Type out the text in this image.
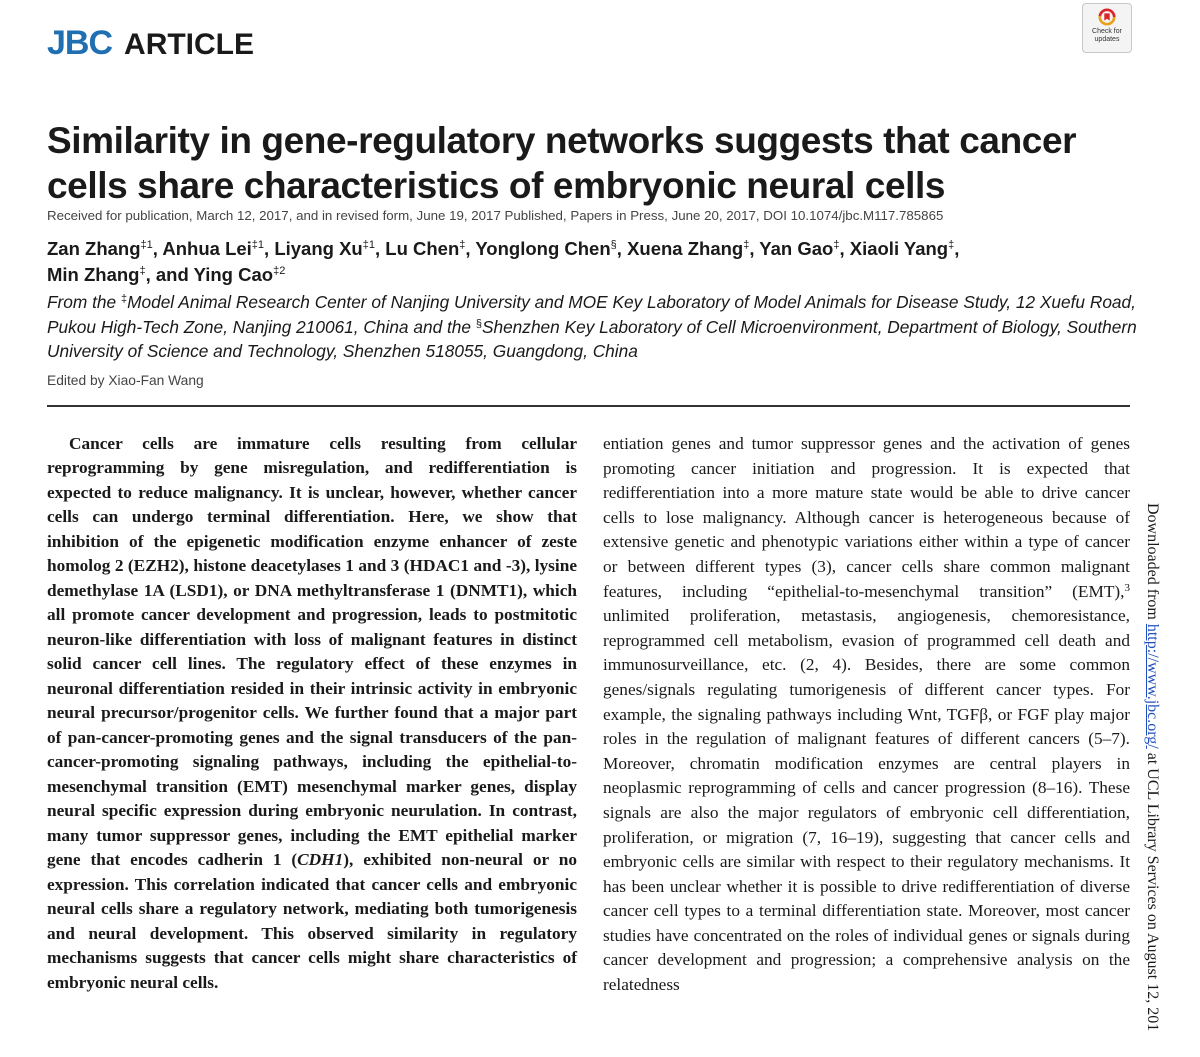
JBC ARTICLE	Check for
updates
Similarity in gene-regulatory networks suggests that cancer cells share characteristics of embryonic neural cells
Received for publication, March 12, 2017, and in revised form, June 19, 2017 Published, Papers in Press, June 20, 2017, DOI 10.1074/jbc.M117.785865
Zan Zhang$^{\ddagger 1}$, Anhua Lei$^{\ddagger 1}$, Liyang Xu$^{\ddagger 1}$, Lu Chen‡, Yonglong Chen§, Xuena Zhang‡, Yan Gao‡, Xiaoli Yang‡,
Min Zhang‡, and Ying Cao$^{\ddagger 2}$
From the ‡Model Animal Research Center of Nanjing University and MOE Key Laboratory of Model Animals for Disease Study, 12 Xuefu Road, Pukou High-Tech Zone, Nanjing 210061, China and the §Shenzhen Key Laboratory of Cell Microenvironment, Department of Biology, Southern University of Science and Technology, Shenzhen 518055, Guangdong, China
Edited by Xiao-Fan Wang

Cancer cells are immature cells resulting from cellular reprogramming by gene misregulation, and redifferentiation is expected to reduce malignancy. It is unclear, however, whether cancer cells can undergo terminal differentiation. Here, we show that inhibition of the epigenetic modification enzyme enhancer of zeste homolog 2 (EZH2), histone deacetylases 1 and 3 (HDAC1 and -3), lysine demethylase 1A (LSD1), or DNA methyltransferase 1 (DNMT1), which all promote cancer development and progression, leads to postmitotic neuron-like differentiation with loss of malignant features in distinct solid cancer cell lines. The regulatory effect of these enzymes in neuronal differentiation resided in their intrinsic activity in embryonic neural precursor/progenitor cells. We further found that a major part of pan-cancer-promoting genes and the signal transducers of the pan-cancer-promoting signaling pathways, including the epithelial-to-mesenchymal transition (EMT) mesenchymal marker genes, display neural specific expression during embryonic neurulation. In contrast, many tumor suppressor genes, including the EMT epithelial marker gene that encodes cadherin 1 (CDH1), exhibited non-neural or no expression. This correlation indicated that cancer cells and embryonic neural cells share a regulatory network, mediating both tumorigenesis and neural development. This observed similarity in regulatory mechanisms suggests that cancer cells might share characteristics of embryonic neural cells.

entiation genes and tumor suppressor genes and the activation of genes promoting cancer initiation and progression. It is expected that redifferentiation into a more mature state would be able to drive cancer cells to lose malignancy. Although cancer is heterogeneous because of extensive genetic and phenotypic variations either within a type of cancer or between different types (3), cancer cells share common malignant features, including “epithelial-to-mesenchymal transition” (EMT),$^3$ unlimited proliferation, metastasis, angiogenesis, chemoresistance, reprogrammed cell metabolism, evasion of programmed cell death and immunosurveillance, etc. (2, 4). Besides, there are some common genes/signals regulating tumorigenesis of different cancer types. For example, the signaling pathways including Wnt, TGFβ, or FGF play major roles in the regulation of malignant features of different cancers (5–7). Moreover, chromatin modification enzymes are central players in neoplasmic reprogramming of cells and cancer progression (8–16). These signals are also the major regulators of embryonic cell differentiation, proliferation, or migration (7, 16–19), suggesting that cancer cells and embryonic cells are similar with respect to their regulatory mechanisms. It has been unclear whether it is possible to drive redifferentiation of diverse cancer cell types to a terminal differentiation state. Moreover, most cancer studies have concentrated on the roles of individual genes or signals during cancer development and progression; a comprehensive analysis on the relatedness

Downloaded from http://www.jbc.org/ at UCL Library Services on August 12, 201
